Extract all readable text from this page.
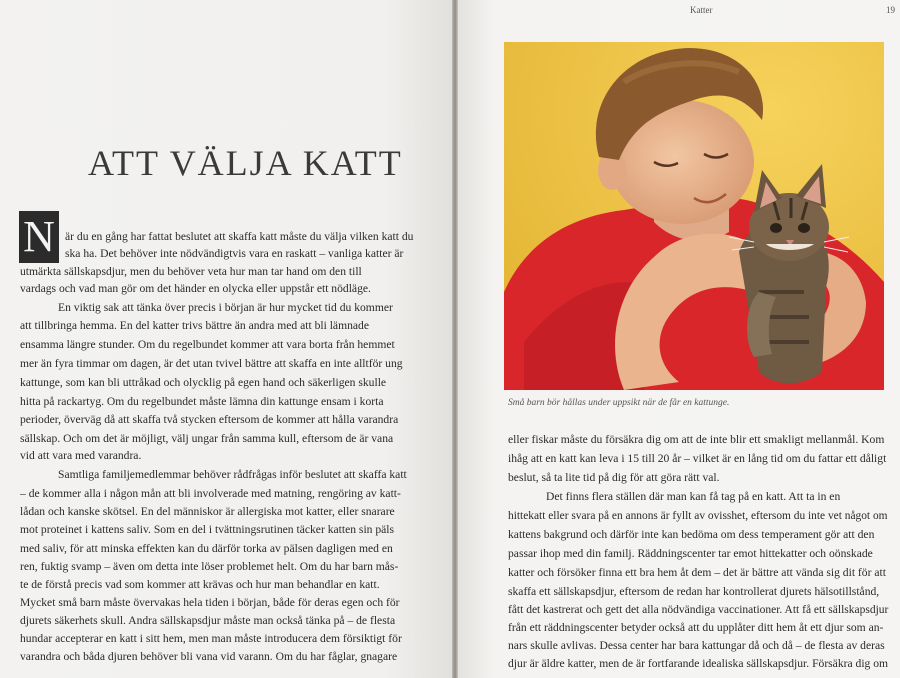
ATT VÄLJA KATT
N är du en gång har fattat beslutet att skaffa katt måste du välja vilken katt du
ska ha. Det behöver inte nödvändigtvis vara en raskatt – vanliga katter är
utmärkta sällskapsdjur, men du behöver veta hur man tar hand om den till
vardags och vad man gör om det händer en olycka eller uppstår ett nödläge.
En viktig sak att tänka över precis i början är hur mycket tid du kommer
att tillbringa hemma. En del katter trivs bättre än andra med att bli lämnade
ensamma längre stunder. Om du regelbundet kommer att vara borta från hemmet
mer än fyra timmar om dagen, är det utan tvivel bättre att skaffa en inte alltför ung
kattunge, som kan bli uttråkad och olycklig på egen hand och säkerligen skulle
hitta på rackartyg. Om du regelbundet måste lämna din kattunge ensam i korta
perioder, överväg då att skaffa två stycken eftersom de kommer att hålla varandra
sällskap. Och om det är möjligt, välj ungar från samma kull, eftersom de är vana
vid att vara med varandra.
Samtliga familjemedlemmar behöver rådfrågas inför beslutet att skaffa katt
– de kommer alla i någon mån att bli involverade med matning, rengöring av katt-
lådan och kanske skötsel. En del människor är allergiska mot katter, eller snarare
mot proteinet i kattens saliv. Som en del i tvättningsrutinen täcker katten sin päls
med saliv, för att minska effekten kan du därför torka av pälsen dagligen med en
ren, fuktig svamp – även om detta inte löser problemet helt. Om du har barn mås-
te de förstå precis vad som kommer att krävas och hur man behandlar en katt.
Mycket små barn måste övervakas hela tiden i början, både för deras egen och för
djurets säkerhets skull. Andra sällskapsdjur måste man också tänka på – de flesta
hundar accepterar en katt i sitt hem, men man måste introducera dem försiktigt för
varandra och båda djuren behöver bli vana vid varann. Om du har fåglar, gnagare
Katter	19
Små barn bör hållas under uppsikt när de får en kattunge.
eller fiskar måste du försäkra dig om att de inte blir ett smakligt mellanmål. Kom
ihåg att en katt kan leva i 15 till 20 år – vilket är en lång tid om du fattar ett dåligt
beslut, så ta lite tid på dig för att göra rätt val.
Det finns flera ställen där man kan få tag på en katt. Att ta in en
hittekatt eller svara på en annons är fyllt av ovisshet, eftersom du inte vet något om
kattens bakgrund och därför inte kan bedöma om dess temperament gör att den
passar ihop med din familj. Räddningscenter tar emot hittekatter och oönskade
katter och försöker finna ett bra hem åt dem – det är bättre att vända sig dit för att
skaffa ett sällskapsdjur, eftersom de redan har kontrollerat djurets hälsotillstånd,
fått det kastrerat och gett det alla nödvändiga vaccinationer. Att få ett sällskapsdjur
från ett räddningscenter betyder också att du upplåter ditt hem åt ett djur som an-
nars skulle avlivas. Dessa center har bara kattungar då och då – de flesta av deras
djur är äldre katter, men de är fortfarande idealiska sällskapsdjur. Försäkra dig om
